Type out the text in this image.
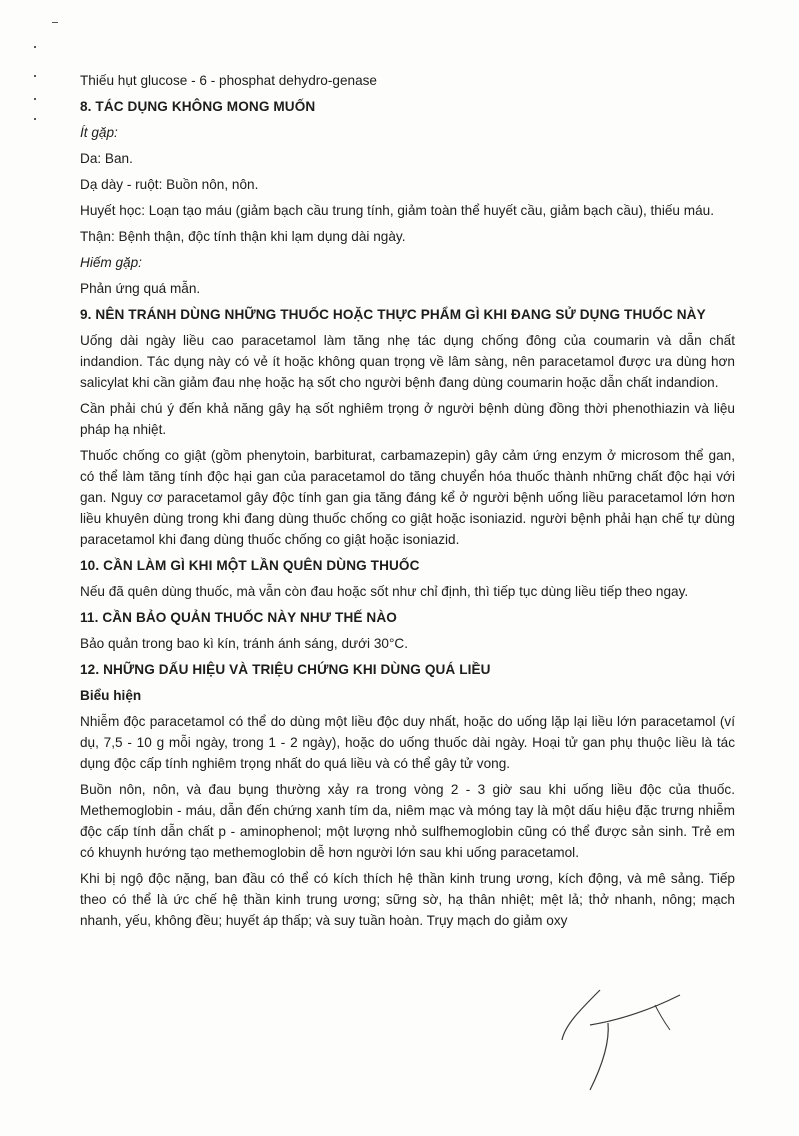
Thiếu hụt glucose - 6 - phosphat dehydro-genase
8. TÁC DỤNG KHÔNG MONG MUỐN
Ít gặp:
Da: Ban.
Dạ dày - ruột: Buồn nôn, nôn.

Huyết học: Loạn tạo máu (giảm bạch cầu trung tính, giảm toàn thể huyết cầu, giảm bạch cầu), thiếu máu.

Thận: Bệnh thận, độc tính thận khi lạm dụng dài ngày.
Hiếm gặp:
Phản ứng quá mẫn.
9. NÊN TRÁNH DÙNG NHỮNG THUỐC HOẶC THỰC PHẨM GÌ KHI ĐANG SỬ DỤNG THUỐC NÀY

Uống dài ngày liều cao paracetamol làm tăng nhẹ tác dụng chống đông của coumarin và dẫn chất indandion. Tác dụng này có vẻ ít hoặc không quan trọng về lâm sàng, nên paracetamol được ưa dùng hơn salicylat khi cần giảm đau nhẹ hoặc hạ sốt cho người bệnh đang dùng coumarin hoặc dẫn chất indandion.

Cần phải chú ý đến khả năng gây hạ sốt nghiêm trọng ở người bệnh dùng đồng thời phenothiazin và liệu pháp hạ nhiệt.

Thuốc chống co giật (gồm phenytoin, barbiturat, carbamazepin) gây cảm ứng enzym ở microsom thể gan, có thể làm tăng tính độc hại gan của paracetamol do tăng chuyển hóa thuốc thành những chất độc hại với gan. Nguy cơ paracetamol gây độc tính gan gia tăng đáng kể ở người bệnh uống liều paracetamol lớn hơn liều khuyên dùng trong khi đang dùng thuốc chống co giật hoặc isoniazid. người bệnh phải hạn chế tự dùng paracetamol khi đang dùng thuốc chống co giật hoặc isoniazid.

10. CẦN LÀM GÌ KHI MỘT LẦN QUÊN DÙNG THUỐC

Nếu đã quên dùng thuốc, mà vẫn còn đau hoặc sốt như chỉ định, thì tiếp tục dùng liều tiếp theo ngay.

11. CẦN BẢO QUẢN THUỐC NÀY NHƯ THẾ NÀO
Bảo quản trong bao kì kín, tránh ánh sáng, dưới 30°C.
12. NHỮNG DẤU HIỆU VÀ TRIỆU CHỨNG KHI DÙNG QUÁ LIỀU
Biểu hiện

Nhiễm độc paracetamol có thể do dùng một liều độc duy nhất, hoặc do uống lặp lại liều lớn paracetamol (ví dụ, 7,5 - 10 g mỗi ngày, trong 1 - 2 ngày), hoặc do uống thuốc dài ngày. Hoại tử gan phụ thuộc liều là tác dụng độc cấp tính nghiêm trọng nhất do quá liều và có thể gây tử vong.

Buồn nôn, nôn, và đau bụng thường xảy ra trong vòng 2 - 3 giờ sau khi uống liều độc của thuốc. Methemoglobin - máu, dẫn đến chứng xanh tím da, niêm mạc và móng tay là một dấu hiệu đặc trưng nhiễm độc cấp tính dẫn chất p - aminophenol; một lượng nhỏ sulfhemoglobin cũng có thể được sản sinh. Trẻ em có khuynh hướng tạo methemoglobin dễ hơn người lớn sau khi uống paracetamol.

Khi bị ngộ độc nặng, ban đầu có thể có kích thích hệ thần kinh trung ương, kích động, và mê sảng. Tiếp theo có thể là ức chế hệ thần kinh trung ương; sững sờ, hạ thân nhiệt; mệt lả; thở nhanh, nông; mạch nhanh, yếu, không đều; huyết áp thấp; và suy tuần hoàn. Trụy mạch do giảm oxy
